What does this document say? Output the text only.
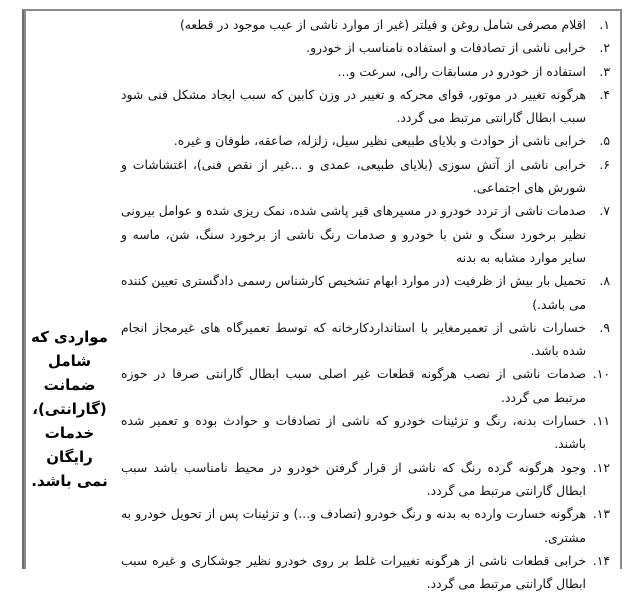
مواردی که
شامل ضمانت
(گارانتی)،
خدمات رایگان
نمی باشد.
۱.
اقلام مصرفی شامل روغن و فیلتر (غیر از موارد ناشی از عیب موجود در قطعه)
۲.
خرابی ناشی از تصادفات و استفاده نامناسب از خودرو.
۳.
استفاده از خودرو در مسابقات رالی، سرعت و...
۴.
هرگونه تغییر در موتور، قوای محرکه و تغییر در وزن کابین که سبب ایجاد مشکل فنی شود سبب ابطال گارانتی مرتبط می گردد.
۵.
خرابی ناشی از حوادث و بلایای طبیعی نظیر سیل، زلزله، صاعقه، طوفان و غیره.
۶.
خرابی ناشی از آتش سوزی (بلایای طبیعی، عمدی و ...غیر از نقص فنی)، اغتشاشات و شورش های اجتماعی.
۷.
صدمات ناشی از تردد خودرو در مسیرهای قیر پاشی شده، نمک ریزی شده و عوامل بیرونی نظیر برخورد سنگ و شن با خودرو و صدمات رنگ ناشی از برخورد سنگ، شن، ماسه و سایر موارد مشابه به بدنه
۸.
تحمیل بار بیش از ظرفیت (در موارد ابهام تشخیص کارشناس رسمی دادگستری تعیین کننده می باشد.)
۹.
خسارات ناشی از تعمیرمغایر با استانداردکارخانه که توسط تعمیرگاه های غیرمجاز انجام شده باشد.
۱۰.
صدمات ناشی از نصب هرگونه قطعات غیر اصلی سبب ابطال گارانتی صرفا در حوزه مرتبط می گردد.
۱۱.
خسارات بدنه، رنگ و تزئینات خودرو که ناشی از تصادفات و حوادث بوده و تعمیر شده باشند.
۱۲.
وجود هرگونه گرده رنگ که ناشی از قرار گرفتن خودرو در محیط نامناسب باشد سبب ابطال گارانتی مرتبط می گردد.
۱۳.
هرگونه خسارت وارده به بدنه و رنگ خودرو (تصادف و...) و تزئینات پس از تحویل خودرو به مشتری.
۱۴.
خرابی قطعات ناشی از هرگونه تغییرات غلط بر روی خودرو نظیر جوشکاری و غیره سبب ابطال گارانتی مرتبط می گردد.
